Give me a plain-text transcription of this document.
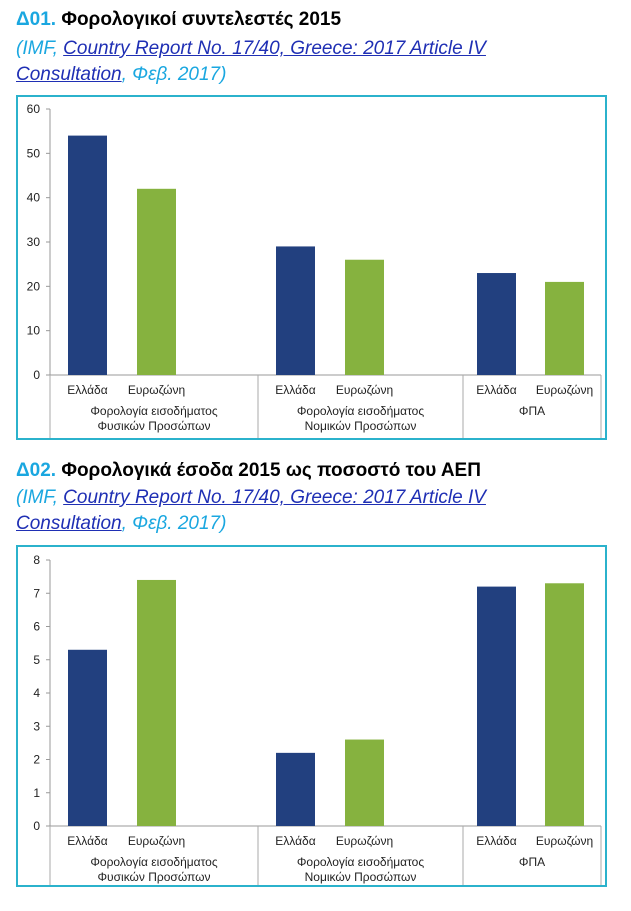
Δ01. Φορολογικοί συντελεστές 2015
(IMF, Country Report No. 17/40, Greece: 2017 Article IV
Consultation, Φεβ. 2017)
0
10
20
30
40
50
60
Ελλάδα Ευρωζώνη
Φορολογία εισοδήματος
Φυσικών Προσώπων
Ελλάδα Ευρωζώνη
Φορολογία εισοδήματος
Νομικών Προσώπων
Ελλάδα Ευρωζώνη
ΦΠΑ
Δ02. Φορολογικά έσοδα 2015 ως ποσοστό του ΑΕΠ
(IMF, Country Report No. 17/40, Greece: 2017 Article IV
Consultation, Φεβ. 2017)
0
1
2
3
4
5
6
7
8
Ελλάδα Ευρωζώνη
Φορολογία εισοδήματος
Φυσικών Προσώπων
Ελλάδα Ευρωζώνη
Φορολογία εισοδήματος
Νομικών Προσώπων
Ελλάδα Ευρωζώνη
ΦΠΑ
